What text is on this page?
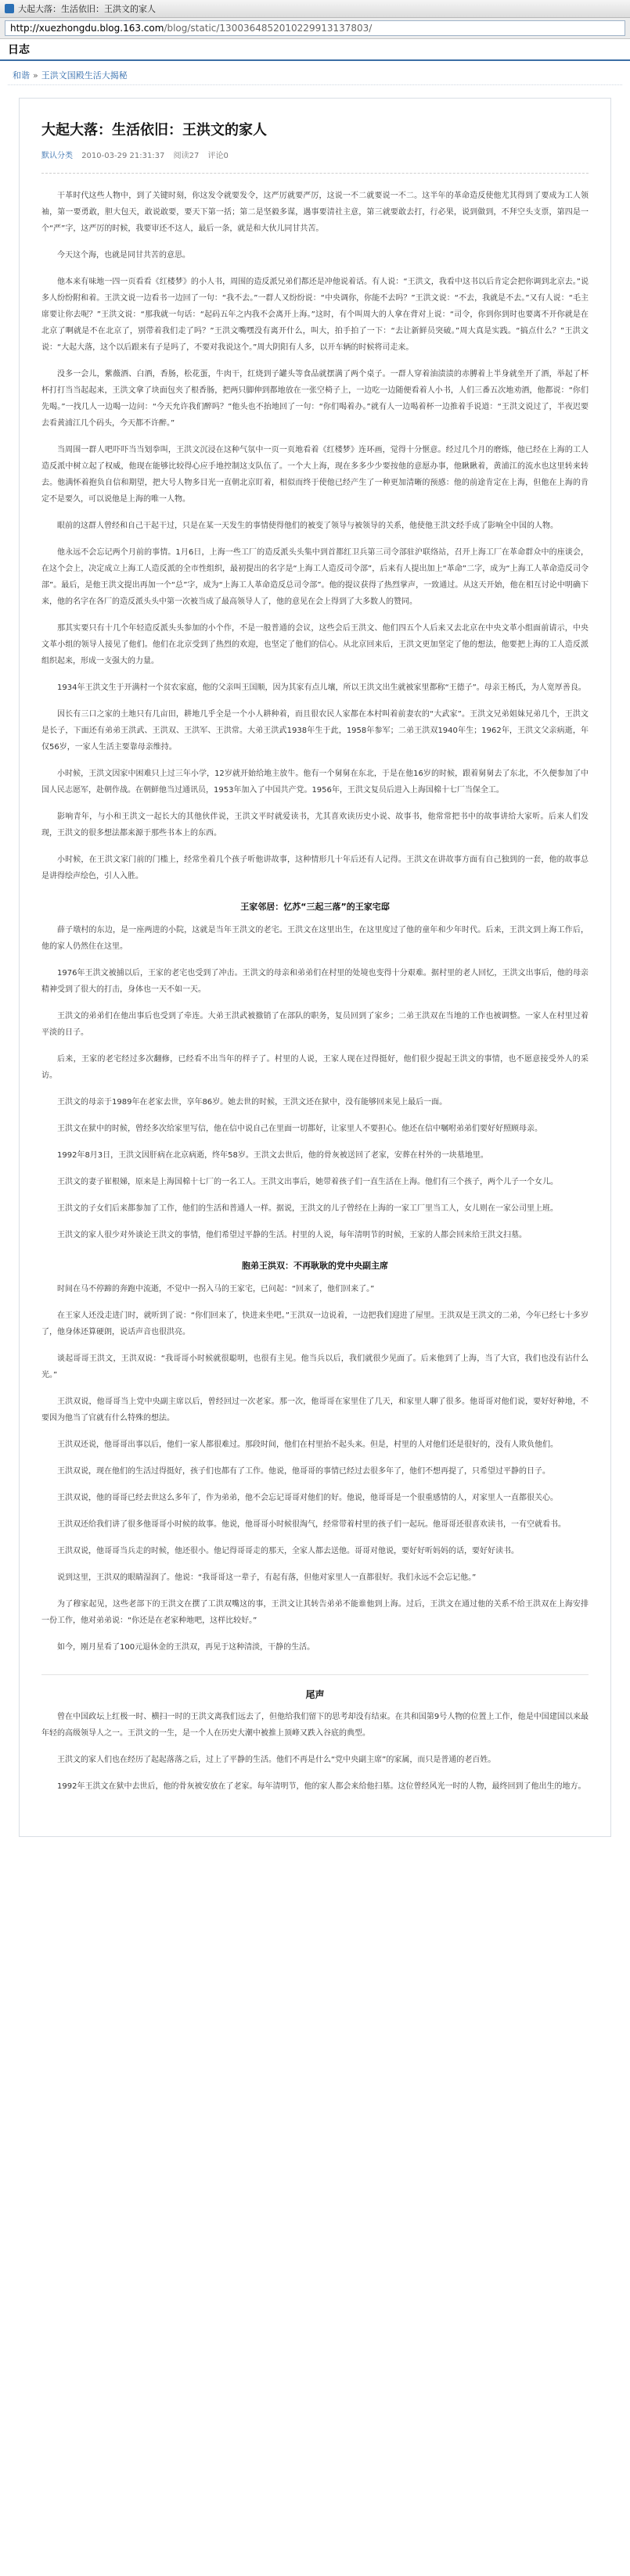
大起大落：生活依旧：王洪文的家人
http://xuezhongdu.blog.163.com/blog/static/1300364852010229913137803/
日志
和谐 » 王洪文国殿生活大揭秘
大起大落：生活依旧：王洪文的家人
默认分类 2010-03-29 21:31:37 阅读27 评论0

干革时代这些人物中，到了关键时刻，你这发令就要发令，这严厉就要严厉，这说一不二就要说一不二。这半年的革命造反使他尤其得到了要成为工人领袖，第一要勇敢，胆大包天，敢说敢要，要天下第一括；第二是坚毅多谋，遇事要清社主意，第三就要敢去打，行必果，说到做到，不拜空头支票，第四是一个“严”字，这严厉的时候，我要审还不这人，最后一条，就是和大伙儿同甘共苦。

今天这个海，也就是同甘共苦的意思。

他本来有味地一四一页看看《红楼梦》的小人书，周围的造反派兄弟们都还是冲他说着话。有人说：“王洪文，我看中这书以后肯定会把你调到北京去。”说多人纷纷附和着。王洪文说一边看书一边回了一句：“我不去。”一群人又纷纷说：“中央调你，你能不去吗？”王洪文说：“不去，我就是不去。”又有人说：“毛主席要让你去呢？”王洪文说：“那我就一句话：“起码五年之内我不会离开上海。”这时，有个叫周大的人拿在背对上说：“司令，你到你到时也要离不开你就是在北京了啊就是不在北京了，别带着我们走了吗？”王洪文嘴嘿没有离开什么，叫大，拍手拍了一下：“去让新鲜员突破。”周大真是实践。“搞点什么？”王洪文说：“大起大落，这个以后跟来有子是吗了，不要对我说这个。”周大阴阳有人多，以开车辆的时候将司走来。

没多一会儿，紫薇酒、白酒，香肠，松花蛋，牛肉干，红烧到子罐头等食品就摆满了两个桌子。一群人穿着油渍渍的赤膊着上半身就坐开了酒，举起了杯杯打打当当起起来，王洪文拿了块面包夹了根香肠，把两只脚伸到都地放在一张空椅子上，一边吃一边随便看着人小书，人们三番五次地劝酒，他都说：“你们先喝。”一找几人一边喝一边问：“今天允许我们醉吗？”他头也不抬地回了一句：“你们喝着办。”就有人一边喝着杯一边推着手说道：“王洪文说过了，半夜迟要去看黄浦江几个码头，今天都不许醉。”

当周围一群人吧吓吓当当划拳叫，王洪文沉浸在这种气氛中一页一页地看着《红楼梦》连环画，觉得十分惬意。经过几个月的磨炼，他已经在上海的工人造反派中树立起了权威，他现在能够比较得心应手地控制这支队伍了。一个大上海，现在多多少少要按他的意愿办事，他瞅瞅着，黄浦江的流水也这里转来转去。他满怀着抱负自信和期望，把大号人物多目光一直朝北京盯着，相似而终于使他已经产生了一种更加清晰的预感：他的前途肯定在上海，但他在上海的肯定不是要久，可以说他是上海的唯一人物。

眼前的这群人曾经和自己干起干过，只是在某一天发生的事情使得他们的被变了领导与被领导的关系，他使他王洪文经手成了影响全中国的人物。

他永远不会忘记两个月前的事情。1月6日，上海一些工厂的造反派头头集中到首都红卫兵第三司令部驻沪联络站，召开上海工厂在革命群众中的座谈会，在这个会上，决定成立上海工人造反派的全市性组织，最初提出的名字是“上海工人造反司令部”，后来有人提出加上“革命”二字，成为“上海工人革命造反司令部”。最后，是他王洪文提出再加一个“总”字，成为“上海工人革命造反总司令部”。他的提议获得了热烈掌声，一致通过。从这天开始，他在相互讨论中明确下来，他的名字在各厂的造反派头头中第一次被当成了最高领导人了，他的意见在会上得到了大多数人的赞同。

那其实要只有十几个年轻造反派头头参加的小个作，不是一般普通的会议，这些会后王洪文、他们四五个人后来又去北京在中央文革小组面前请示，中央文革小组的领导人接见了他们。他们在北京受到了热烈的欢迎，也坚定了他们的信心。从北京回来后，王洪文更加坚定了他的想法，他要把上海的工人造反派组织起来，形成一支强大的力量。

1934年王洪文生于开满村一个贫农家庭，他的父亲叫王国顺，因为其家有点儿壤，所以王洪文出生就被家里都称“王德子”。母亲王杨氏，为人宽厚善良。

因长有三口之家的土地只有几亩田，耕地几乎全是一个小人耕种着，而且很农民人家都在本村叫着前妻农的“大武家”。王洪文兄弟姐妹兄弟几个，王洪文是长子，下面还有弟弟王洪武、王洪双、王洪军、王洪常。大弟王洪武1938年生于此，1958年参军；二弟王洪双1940年生；1962年，王洪文父亲病逝，年仅56岁，一家人生活主要靠母亲维持。

小时候，王洪文因家中困难只上过三年小学，12岁就开始给地主放牛。他有一个舅舅在东北，于是在他16岁的时候，跟着舅舅去了东北，不久便参加了中国人民志愿军，赴朝作战。在朝鲜他当过通讯员，1953年加入了中国共产党。1956年，王洪文复员后进入上海国棉十七厂当保全工。

影响青年，与小和王洪文一起长大的其他伙伴说，王洪文平时就爱读书，尤其喜欢读历史小说、故事书，他常常把书中的故事讲给大家听。后来人们发现，王洪文的很多想法都来源于那些书本上的东西。

小时候，在王洪文家门前的门槛上，经常坐着几个孩子听他讲故事，这种情形几十年后还有人记得。王洪文在讲故事方面有自己独到的一套，他的故事总是讲得绘声绘色，引人入胜。

王家邻居：忆苏“三起三落”的王家宅邸

薛子墩村的东边，是一座两进的小院，这就是当年王洪文的老宅。王洪文在这里出生，在这里度过了他的童年和少年时代。后来，王洪文到上海工作后，他的家人仍然住在这里。

1976年王洪文被捕以后，王家的老宅也受到了冲击。王洪文的母亲和弟弟们在村里的处境也变得十分艰难。据村里的老人回忆，王洪文出事后，他的母亲精神受到了很大的打击，身体也一天不如一天。

王洪文的弟弟们在他出事后也受到了牵连。大弟王洪武被撤销了在部队的职务，复员回到了家乡；二弟王洪双在当地的工作也被调整。一家人在村里过着平淡的日子。

后来，王家的老宅经过多次翻修，已经看不出当年的样子了。村里的人说，王家人现在过得挺好，他们很少提起王洪文的事情，也不愿意接受外人的采访。

王洪文的母亲于1989年在老家去世，享年86岁。她去世的时候，王洪文还在狱中，没有能够回来见上最后一面。

王洪文在狱中的时候，曾经多次给家里写信，他在信中说自己在里面一切都好，让家里人不要担心。他还在信中嘱咐弟弟们要好好照顾母亲。

1992年8月3日，王洪文因肝病在北京病逝，终年58岁。王洪文去世后，他的骨灰被送回了老家，安葬在村外的一块墓地里。

王洪文的妻子崔根娣，原来是上海国棉十七厂的一名工人。王洪文出事后，她带着孩子们一直生活在上海。他们有三个孩子，两个儿子一个女儿。

王洪文的子女们后来都参加了工作，他们的生活和普通人一样。据说，王洪文的儿子曾经在上海的一家工厂里当工人，女儿则在一家公司里上班。

王洪文的家人很少对外谈论王洪文的事情，他们希望过平静的生活。村里的人说，每年清明节的时候，王家的人都会回来给王洪文扫墓。

胞弟王洪双：不再耿耿的党中央副主席

时间在马不停蹄的奔跑中流逝，不觉中一拐入马的王家宅，已问起：“回来了，他们回来了。”

在王家人还没走进门时，就听到了说：“你们回来了，快进来坐吧。”王洪双一边说着，一边把我们迎进了屋里。王洪双是王洪文的二弟，今年已经七十多岁了，他身体还算硬朗，说话声音也很洪亮。

谈起哥哥王洪文，王洪双说：“我哥哥小时候就很聪明，也很有主见。他当兵以后，我们就很少见面了。后来他到了上海，当了大官，我们也没有沾什么光。”

王洪双说，他哥哥当上党中央副主席以后，曾经回过一次老家。那一次，他哥哥在家里住了几天，和家里人聊了很多。他哥哥对他们说，要好好种地，不要因为他当了官就有什么特殊的想法。

王洪双还说，他哥哥出事以后，他们一家人都很难过。那段时间，他们在村里抬不起头来。但是，村里的人对他们还是很好的，没有人欺负他们。

王洪双说，现在他们的生活过得挺好，孩子们也都有了工作。他说，他哥哥的事情已经过去很多年了，他们不想再提了，只希望过平静的日子。

王洪双说，他的哥哥已经去世这么多年了，作为弟弟，他不会忘记哥哥对他们的好。他说，他哥哥是一个很重感情的人，对家里人一直都很关心。

王洪双还给我们讲了很多他哥哥小时候的故事。他说，他哥哥小时候很淘气，经常带着村里的孩子们一起玩。他哥哥还很喜欢读书，一有空就看书。

王洪双说，他哥哥当兵走的时候，他还很小。他记得哥哥走的那天，全家人都去送他。哥哥对他说，要好好听妈妈的话，要好好读书。

说到这里，王洪双的眼睛湿润了。他说：“我哥哥这一辈子，有起有落，但他对家里人一直都很好。我们永远不会忘记他。”

为了穆家起见，这些老部下的王洪文在撰了工洪双嘴这的事，王洪文让其转告弟弟不能谁他到上海。过后，王洪文在通过他的关系不给王洪双在上海安排一份工作，他对弟弟说：“你还是在老家种地吧，这样比较好。”

如今，刚月星看了100元退休金的王洪双，再见于这种清淡，干静的生活。

尾声

曾在中国政坛上红极一时、横扫一时的王洪文离我们远去了，但他给我们留下的思考却没有结束。在共和国第9号人物的位置上工作，他是中国建国以来最年轻的高级领导人之一。王洪文的一生，是一个人在历史大潮中被推上顶峰又跌入谷底的典型。

王洪文的家人们也在经历了起起落落之后，过上了平静的生活。他们不再是什么“党中央副主席”的家属，而只是普通的老百姓。

1992年王洪文在狱中去世后，他的骨灰被安放在了老家。每年清明节，他的家人都会来给他扫墓。这位曾经风光一时的人物，最终回到了他出生的地方。
